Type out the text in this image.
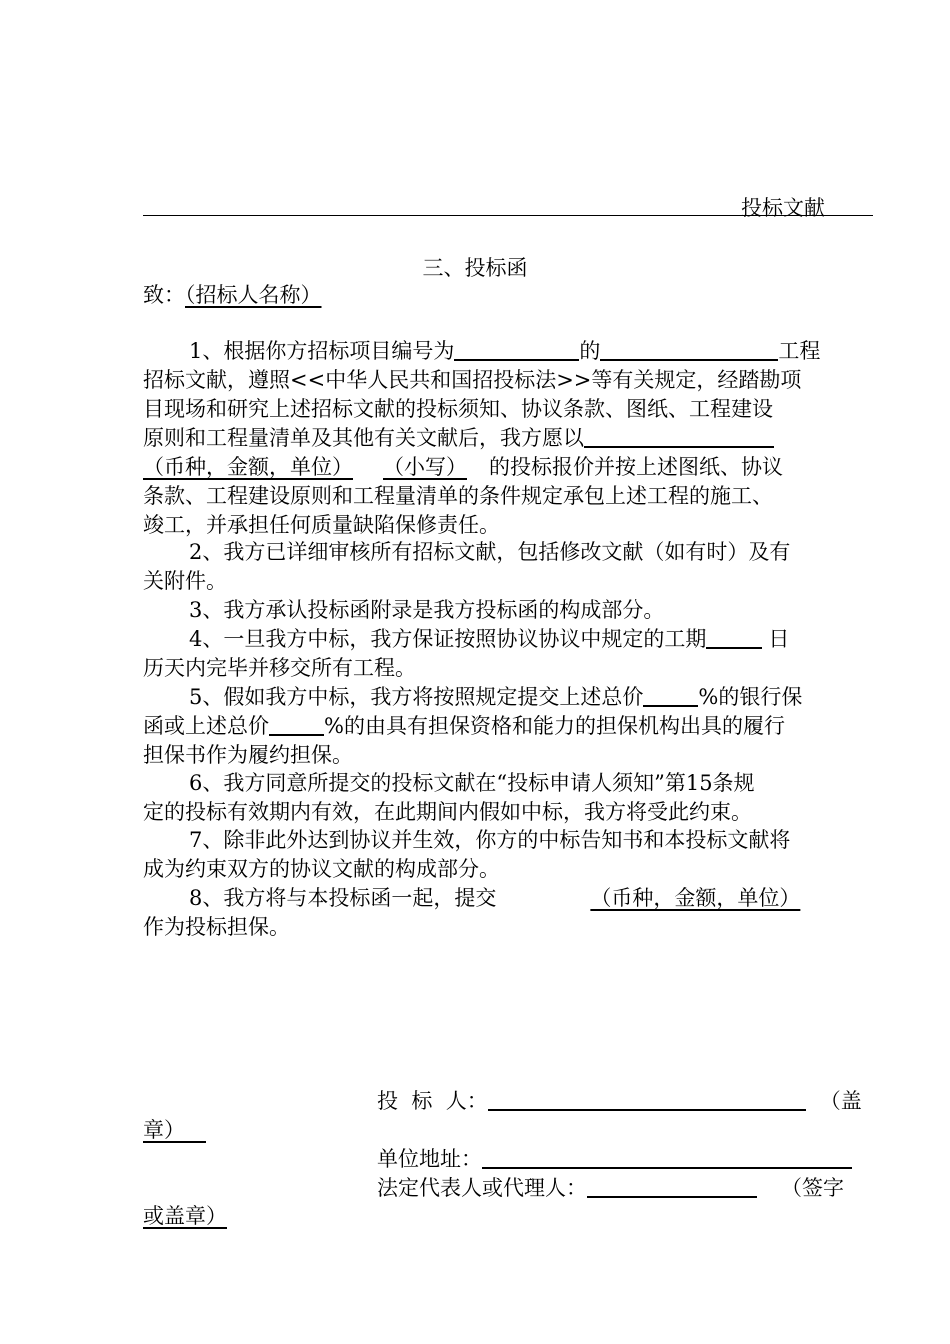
投标文献
三、投标函
致：（招标人名称）
1、根据你方招标项目编号为	的	工程
招标文献，遵照<<中华人民共和国招投标法>>等有关规定，经踏勘项
目现场和研究上述招标文献的投标须知、协议条款、图纸、工程建设
原则和工程量清单及其他有关文献后，我方愿以
（币种，金额，单位） （小写） 的投标报价并按上述图纸、协议
条款、工程建设原则和工程量清单的条件规定承包上述工程的施工、
竣工，并承担任何质量缺陷保修责任。
2、我方已详细审核所有招标文献，包括修改文献（如有时）及有
关附件。
3、我方承认投标函附录是我方投标函的构成部分。
4、一旦我方中标，我方保证按照协议协议中规定的工期	日
历天内完毕并移交所有工程。
5、假如我方中标，我方将按照规定提交上述总价	%的银行保
函或上述总价	%的由具有担保资格和能力的担保机构出具的履行
担保书作为履约担保。
6、我方同意所提交的投标文献在“投标申请人须知”第15条规
定的投标有效期内有效，在此期间内假如中标，我方将受此约束。
7、除非此外达到协议并生效，你方的中标告知书和本投标文献将
成为约束双方的协议文献的构成部分。
8、我方将与本投标函一起，提交	（币种，金额，单位）
作为投标担保。
投  标  人：	（盖
章） 
单位地址：
法定代表人或代理人：	（签字
或盖章）
